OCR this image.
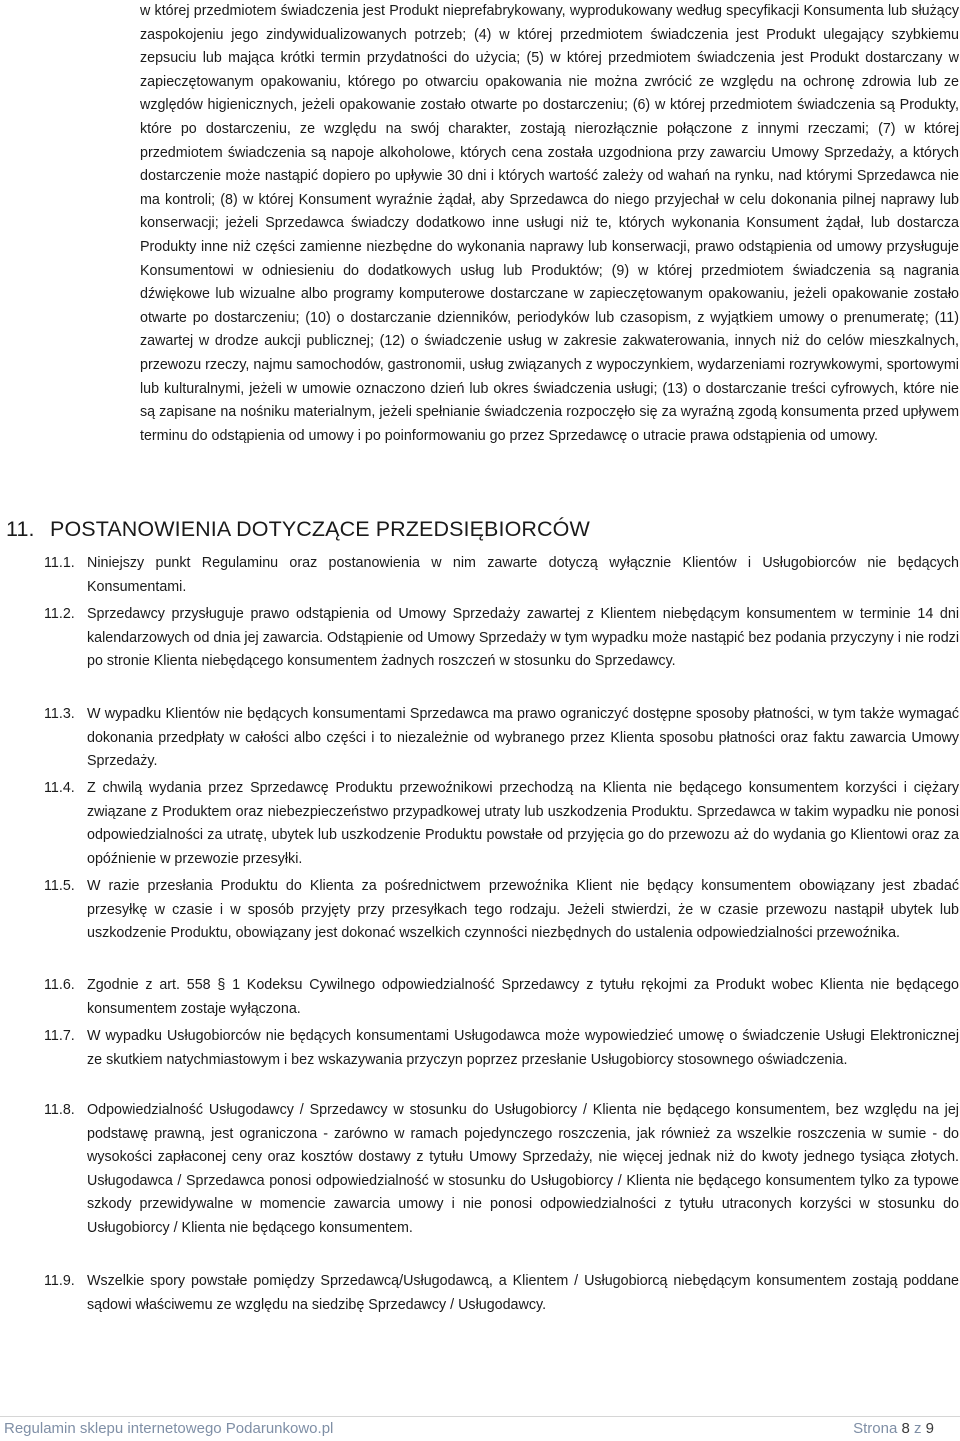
w której przedmiotem świadczenia jest Produkt nieprefabrykowany, wyprodukowany według specyfikacji Konsumenta lub służący zaspokojeniu jego zindywidualizowanych potrzeb; (4) w której przedmiotem świadczenia jest Produkt ulegający szybkiemu zepsuciu lub mająca krótki termin przydatności do użycia; (5) w której przedmiotem świadczenia jest Produkt dostarczany w zapieczętowanym opakowaniu, którego po otwarciu opakowania nie można zwrócić ze względu na ochronę zdrowia lub ze względów higienicznych, jeżeli opakowanie zostało otwarte po dostarczeniu; (6) w której przedmiotem świadczenia są Produkty, które po dostarczeniu, ze względu na swój charakter, zostają nierozłącznie połączone z innymi rzeczami; (7) w której przedmiotem świadczenia są napoje alkoholowe, których cena została uzgodniona przy zawarciu Umowy Sprzedaży, a których dostarczenie może nastąpić dopiero po upływie 30 dni i których wartość zależy od wahań na rynku, nad którymi Sprzedawca nie ma kontroli; (8) w której Konsument wyraźnie żądał, aby Sprzedawca do niego przyjechał w celu dokonania pilnej naprawy lub konserwacji; jeżeli Sprzedawca świadczy dodatkowo inne usługi niż te, których wykonania Konsument żądał, lub dostarcza Produkty inne niż części zamienne niezbędne do wykonania naprawy lub konserwacji, prawo odstąpienia od umowy przysługuje Konsumentowi w odniesieniu do dodatkowych usług lub Produktów; (9) w której przedmiotem świadczenia są nagrania dźwiękowe lub wizualne albo programy komputerowe dostarczane w zapieczętowanym opakowaniu, jeżeli opakowanie zostało otwarte po dostarczeniu; (10) o dostarczanie dzienników, periodyków lub czasopism, z wyjątkiem umowy o prenumeratę; (11) zawartej w drodze aukcji publicznej; (12) o świadczenie usług w zakresie zakwaterowania, innych niż do celów mieszkalnych, przewozu rzeczy, najmu samochodów, gastronomii, usług związanych z wypoczynkiem, wydarzeniami rozrywkowymi, sportowymi lub kulturalnymi, jeżeli w umowie oznaczono dzień lub okres świadczenia usługi; (13) o dostarczanie treści cyfrowych, które nie są zapisane na nośniku materialnym, jeżeli spełnianie świadczenia rozpoczęło się za wyraźną zgodą konsumenta przed upływem terminu do odstąpienia od umowy i po poinformowaniu go przez Sprzedawcę o utracie prawa odstąpienia od umowy.

11. POSTANOWIENIA DOTYCZĄCE PRZEDSIĘBIORCÓW
11.1. Niniejszy punkt Regulaminu oraz postanowienia w nim zawarte dotyczą wyłącznie Klientów i Usługobiorców nie będących Konsumentami.

11.2. Sprzedawcy przysługuje prawo odstąpienia od Umowy Sprzedaży zawartej z Klientem niebędącym konsumentem w terminie 14 dni kalendarzowych od dnia jej zawarcia. Odstąpienie od Umowy Sprzedaży w tym wypadku może nastąpić bez podania przyczyny i nie rodzi po stronie Klienta niebędącego konsumentem żadnych roszczeń w stosunku do Sprzedawcy.

11.3. W wypadku Klientów nie będących konsumentami Sprzedawca ma prawo ograniczyć dostępne sposoby płatności, w tym także wymagać dokonania przedpłaty w całości albo części i to niezależnie od wybranego przez Klienta sposobu płatności oraz faktu zawarcia Umowy Sprzedaży.

11.4. Z chwilą wydania przez Sprzedawcę Produktu przewoźnikowi przechodzą na Klienta nie będącego konsumentem korzyści i ciężary związane z Produktem oraz niebezpieczeństwo przypadkowej utraty lub uszkodzenia Produktu. Sprzedawca w takim wypadku nie ponosi odpowiedzialności za utratę, ubytek lub uszkodzenie Produktu powstałe od przyjęcia go do przewozu aż do wydania go Klientowi oraz za opóźnienie w przewozie przesyłki.

11.5. W razie przesłania Produktu do Klienta za pośrednictwem przewoźnika Klient nie będący konsumentem obowiązany jest zbadać przesyłkę w czasie i w sposób przyjęty przy przesyłkach tego rodzaju. Jeżeli stwierdzi, że w czasie przewozu nastąpił ubytek lub uszkodzenie Produktu, obowiązany jest dokonać wszelkich czynności niezbędnych do ustalenia odpowiedzialności przewoźnika.

11.6. Zgodnie z art. 558 § 1 Kodeksu Cywilnego odpowiedzialność Sprzedawcy z tytułu rękojmi za Produkt wobec Klienta nie będącego konsumentem zostaje wyłączona.

11.7. W wypadku Usługobiorców nie będących konsumentami Usługodawca może wypowiedzieć umowę o świadczenie Usługi Elektronicznej ze skutkiem natychmiastowym i bez wskazywania przyczyn poprzez przesłanie Usługobiorcy stosownego oświadczenia.

11.8. Odpowiedzialność Usługodawcy / Sprzedawcy w stosunku do Usługobiorcy / Klienta nie będącego konsumentem, bez względu na jej podstawę prawną, jest ograniczona - zarówno w ramach pojedynczego roszczenia, jak również za wszelkie roszczenia w sumie - do wysokości zapłaconej ceny oraz kosztów dostawy z tytułu Umowy Sprzedaży, nie więcej jednak niż do kwoty jednego tysiąca złotych. Usługodawca / Sprzedawca ponosi odpowiedzialność w stosunku do Usługobiorcy / Klienta nie będącego konsumentem tylko za typowe szkody przewidywalne w momencie zawarcia umowy i nie ponosi odpowiedzialności z tytułu utraconych korzyści w stosunku do Usługobiorcy / Klienta nie będącego konsumentem.

11.9. Wszelkie spory powstałe pomiędzy Sprzedawcą/Usługodawcą, a Klientem / Usługobiorcą niebędącym konsumentem zostają poddane sądowi właściwemu ze względu na siedzibę Sprzedawcy / Usługodawcy.

Regulamin sklepu internetowego Podarunkowo.pl	Strona 8 z 9
